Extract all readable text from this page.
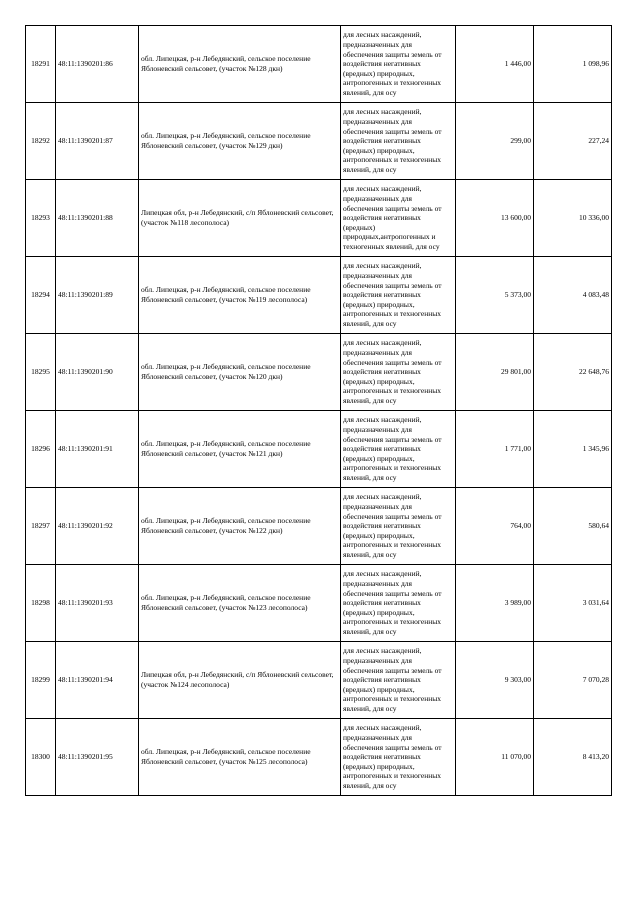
18291	48:11:1390201:86	обл. Липецкая, р-н Лебедянский, сельское поселение Яблоневский сельсовет, (участок №128 дкн)	для лесных насаждений, предназначенных для обеспечения защиты земель от воздействия негативных (вредных) природных, антропогенных и техногенных явлений, для осу	1 446,00	1 098,96
18292	48:11:1390201:87	обл. Липецкая, р-н Лебедянский, сельское поселение Яблоневский сельсовет, (участок №129 дкн)	для лесных насаждений, предназначенных для обеспечения защиты земель от воздействия негативных (вредных) природных, антропогенных и техногенных явлений, для осу	299,00	227,24
18293	48:11:1390201:88	Липецкая обл, р-н Лебедянский, с/п Яблоневский сельсовет, (участок №118 лесополоса)	для лесных насаждений, предназначенных для обеспечения защиты земель от воздействия негативных (вредных) природных,антропогенных и техногенных явлений, для осу	13 600,00	10 336,00
18294	48:11:1390201:89	обл. Липецкая, р-н Лебедянский, сельское поселение Яблоневский сельсовет, (участок №119 лесополоса)	для лесных насаждений, предназначенных для обеспечения защиты земель от воздействия негативных (вредных) природных, антропогенных и техногенных явлений, для осу	5 373,00	4 083,48
18295	48:11:1390201:90	обл. Липецкая, р-н Лебедянский, сельское поселение Яблоневский сельсовет, (участок №120 дкн)	для лесных насаждений, предназначенных для обеспечения защиты земель от воздействия негативных (вредных) природных, антропогенных и техногенных явлений, для осу	29 801,00	22 648,76
18296	48:11:1390201:91	обл. Липецкая, р-н Лебедянский, сельское поселение Яблоневский сельсовет, (участок №121 дкн)	для лесных насаждений, предназначенных для обеспечения защиты земель от воздействия негативных (вредных) природных, антропогенных и техногенных явлений, для осу	1 771,00	1 345,96
18297	48:11:1390201:92	обл. Липецкая, р-н Лебедянский, сельское поселение Яблоневский сельсовет, (участок №122 дкн)	для лесных насаждений, предназначенных для обеспечения защиты земель от воздействия негативных (вредных) природных, антропогенных и техногенных явлений, для осу	764,00	580,64
18298	48:11:1390201:93	обл. Липецкая, р-н Лебедянский, сельское поселение Яблоневский сельсовет, (участок №123 лесополоса)	для лесных насаждений, предназначенных для обеспечения защиты земель от воздействия негативных (вредных) природных, антропогенных и техногенных явлений, для осу	3 989,00	3 031,64
18299	48:11:1390201:94	Липецкая обл, р-н Лебедянский, с/п Яблоневский сельсовет, (участок №124 лесополоса)	для лесных насаждений, предназначенных для обеспечения защиты земель от воздействия негативных (вредных) природных, антропогенных и техногенных явлений, для осу	9 303,00	7 070,28
18300	48:11:1390201:95	обл. Липецкая, р-н Лебедянский, сельское поселение Яблоневский сельсовет, (участок №125 лесополоса)	для лесных насаждений, предназначенных для обеспечения защиты земель от воздействия негативных (вредных) природных, антропогенных и техногенных явлений, для осу	11 070,00	8 413,20
